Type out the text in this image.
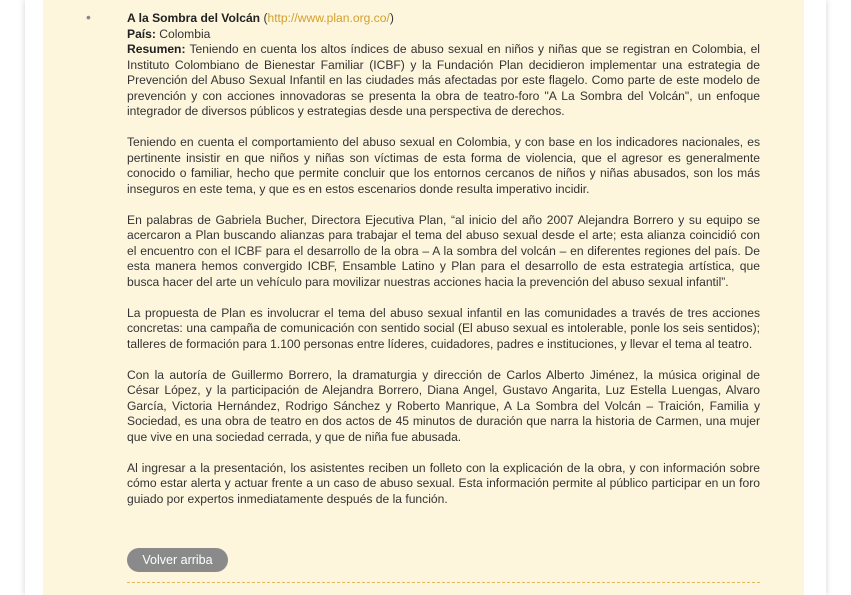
•	A la Sombra del Volcán (http://www.plan.org.co/)

País: Colombia

Resumen: Teniendo en cuenta los altos índices de abuso sexual en niños y niñas que se registran en Colombia, el Instituto Colombiano de Bienestar Familiar (ICBF) y la Fundación Plan decidieron implementar una estrategia de Prevención del Abuso Sexual Infantil en las ciudades más afectadas por este flagelo. Como parte de este modelo de prevención y con acciones innovadoras se presenta la obra de teatro-foro "A La Sombra del Volcán", un enfoque integrador de diversos públicos y estrategias desde una perspectiva de derechos.

Teniendo en cuenta el comportamiento del abuso sexual en Colombia, y con base en los indicadores nacionales, es pertinente insistir en que niños y niñas son víctimas de esta forma de violencia, que el agresor es generalmente conocido o familiar, hecho que permite concluir que los entornos cercanos de niños y niñas abusados, son los más inseguros en este tema, y que es en estos escenarios donde resulta imperativo incidir.

En palabras de Gabriela Bucher, Directora Ejecutiva Plan, “al inicio del año 2007 Alejandra Borrero y su equipo se acercaron a Plan buscando alianzas para trabajar el tema del abuso sexual desde el arte; esta alianza coincidió con el encuentro con el ICBF para el desarrollo de la obra – A la sombra del volcán – en diferentes regiones del país. De esta manera hemos convergido ICBF, Ensamble Latino y Plan para el desarrollo de esta estrategia artística, que busca hacer del arte un vehículo para movilizar nuestras acciones hacia la prevención del abuso sexual infantil”.

La propuesta de Plan es involucrar el tema del abuso sexual infantil en las comunidades a través de tres acciones concretas: una campaña de comunicación con sentido social (El abuso sexual es intolerable, ponle los seis sentidos); talleres de formación para 1.100 personas entre líderes, cuidadores, padres e instituciones, y llevar el tema al teatro.

Con la autoría de Guillermo Borrero, la dramaturgia y dirección de Carlos Alberto Jiménez, la música original de César López, y la participación de Alejandra Borrero, Diana Angel, Gustavo Angarita, Luz Estella Luengas, Alvaro García, Victoria Hernández, Rodrigo Sánchez y Roberto Manrique, A La Sombra del Volcán – Traición, Familia y Sociedad, es una obra de teatro en dos actos de 45 minutos de duración que narra la historia de Carmen, una mujer que vive en una sociedad cerrada, y que de niña fue abusada.

Al ingresar a la presentación, los asistentes reciben un folleto con la explicación de la obra, y con información sobre cómo estar alerta y actuar frente a un caso de abuso sexual. Esta información permite al público participar en un foro guiado por expertos inmediatamente después de la función.

Volver arriba
